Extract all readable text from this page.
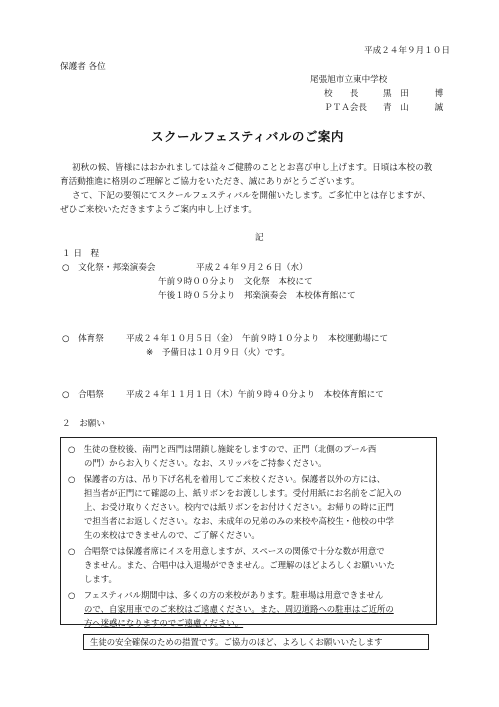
平成２４年９月１０日
保護者 各位
尾張旭市立東中学校
校　　長	黒　田　　　博
ＰＴＡ会長 青　山　　　誠
スクールフェスティバルのご案内
初秋の候、皆様にはおかれましては益々ご健勝のこととお喜び申し上げます。日頃は本校の教
育活動推進に格別のご理解とご協力をいただき、誠にありがとうございます。
さて、下記の要領にてスクールフェスティバルを開催いたします。ご多忙中とは存じますが、
ぜひご来校いただきますようご案内申し上げます。
記
１ 日　程
○　文化祭・邦楽演奏会	平成２４年９月２６日（水）
午前９時００分より　文化祭　本校にて
午後１時０５分より　邦楽演奏会　本校体育館にて
○　体育祭	平成２４年１０月５日（金）　午前９時１０分より　本校運動場にて
※　予備日は１０月９日（火）です。
○　合唱祭	平成２４年１１月１日（木）午前９時４０分より　本校体育館にて
２　お願い
○　生徒の登校後、南門と西門は閉鎖し施錠をしますので、正門（北側のプール西
の門）からお入りください。なお、スリッパをご持参ください。
○　保護者の方は、吊り下げ名札を着用してご来校ください。保護者以外の方には、
担当者が正門にて確認の上、紙リボンをお渡しします。受付用紙にお名前をご記入の
上、お受け取りください。校内では紙リボンをお付けください。お帰りの時に正門
で担当者にお返しください。なお、未成年の兄弟のみの来校や高校生・他校の中学
生の来校はできませんので、ご了解ください。
○　合唱祭では保護者席にイスを用意しますが、スペースの関係で十分な数が用意で
きません。また、合唱中は入退場ができません。ご理解のほどよろしくお願いいた
します。
○　フェスティバル期間中は、多くの方の来校があります。駐車場は用意できません
ので、自家用車でのご来校はご遠慮ください。また、周辺道路への駐車はご近所の
方へ迷惑になりますのでご遠慮ください。
生徒の安全確保のための措置です。ご協力のほど、よろしくお願いいたします
